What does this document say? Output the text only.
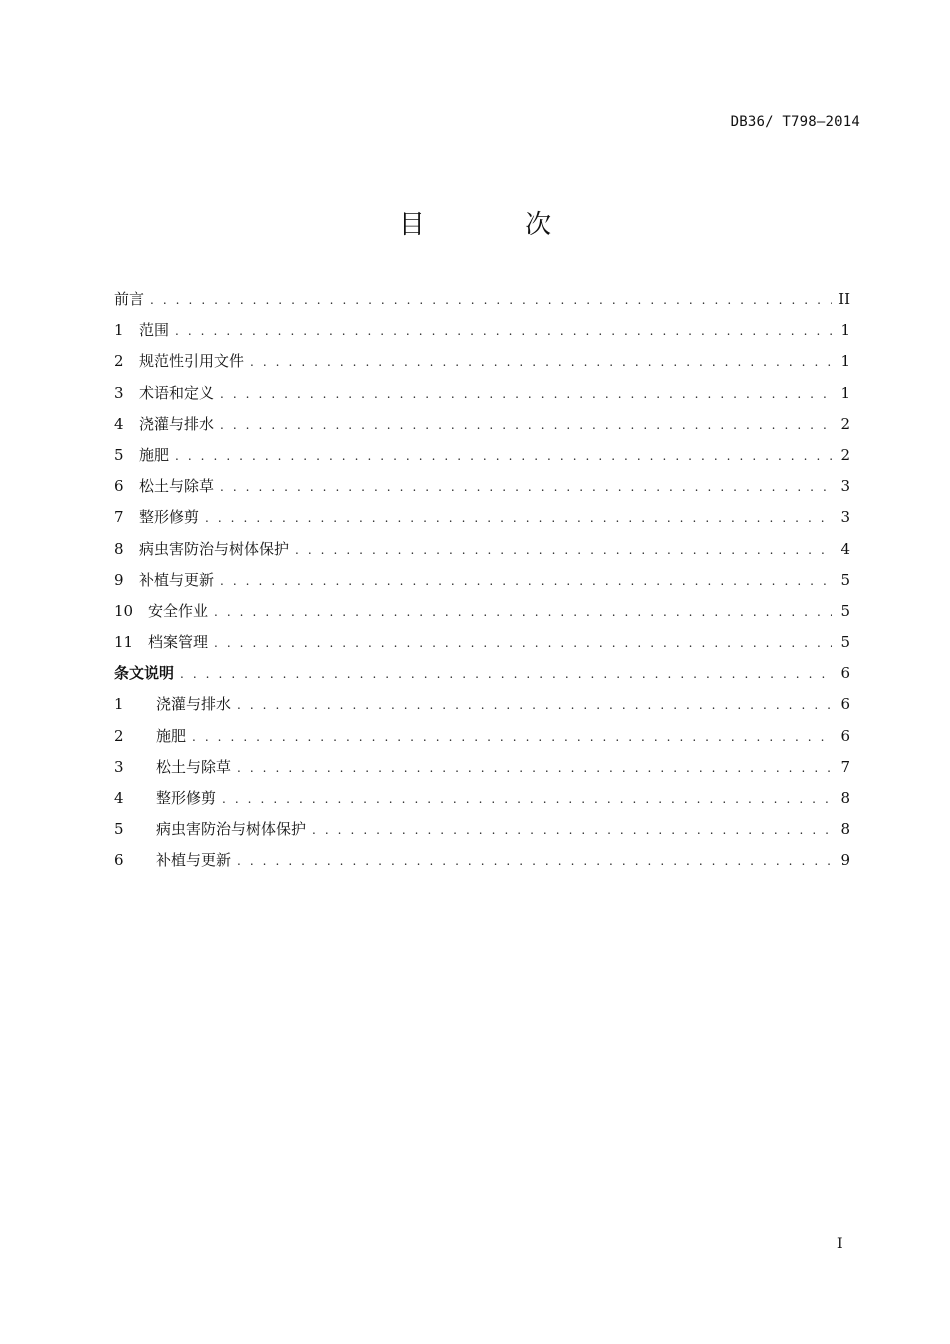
DB36/ T798—2014
目 次
前言 . . .	II
1	范围 . . .	1
2	规范性引用文件 . . .	1
3	术语和定义 . . .	1
4	浇灌与排水 . . .	2
5	施肥 . . .	2
6	松土与除草 . . .	3
7	整形修剪 . . .	3
8	病虫害防治与树体保护 . . .	4
9	补植与更新 . . .	5
10 安全作业 . . .	5
11 档案管理 . . .	5
条文说明 . . .	6
1	浇灌与排水 . . .	6
2	施肥 . . .	6
3	松土与除草 . . .	7
4	整形修剪 . . .	8
5	病虫害防治与树体保护 . . .	8
6	补植与更新 . . .	9
I
